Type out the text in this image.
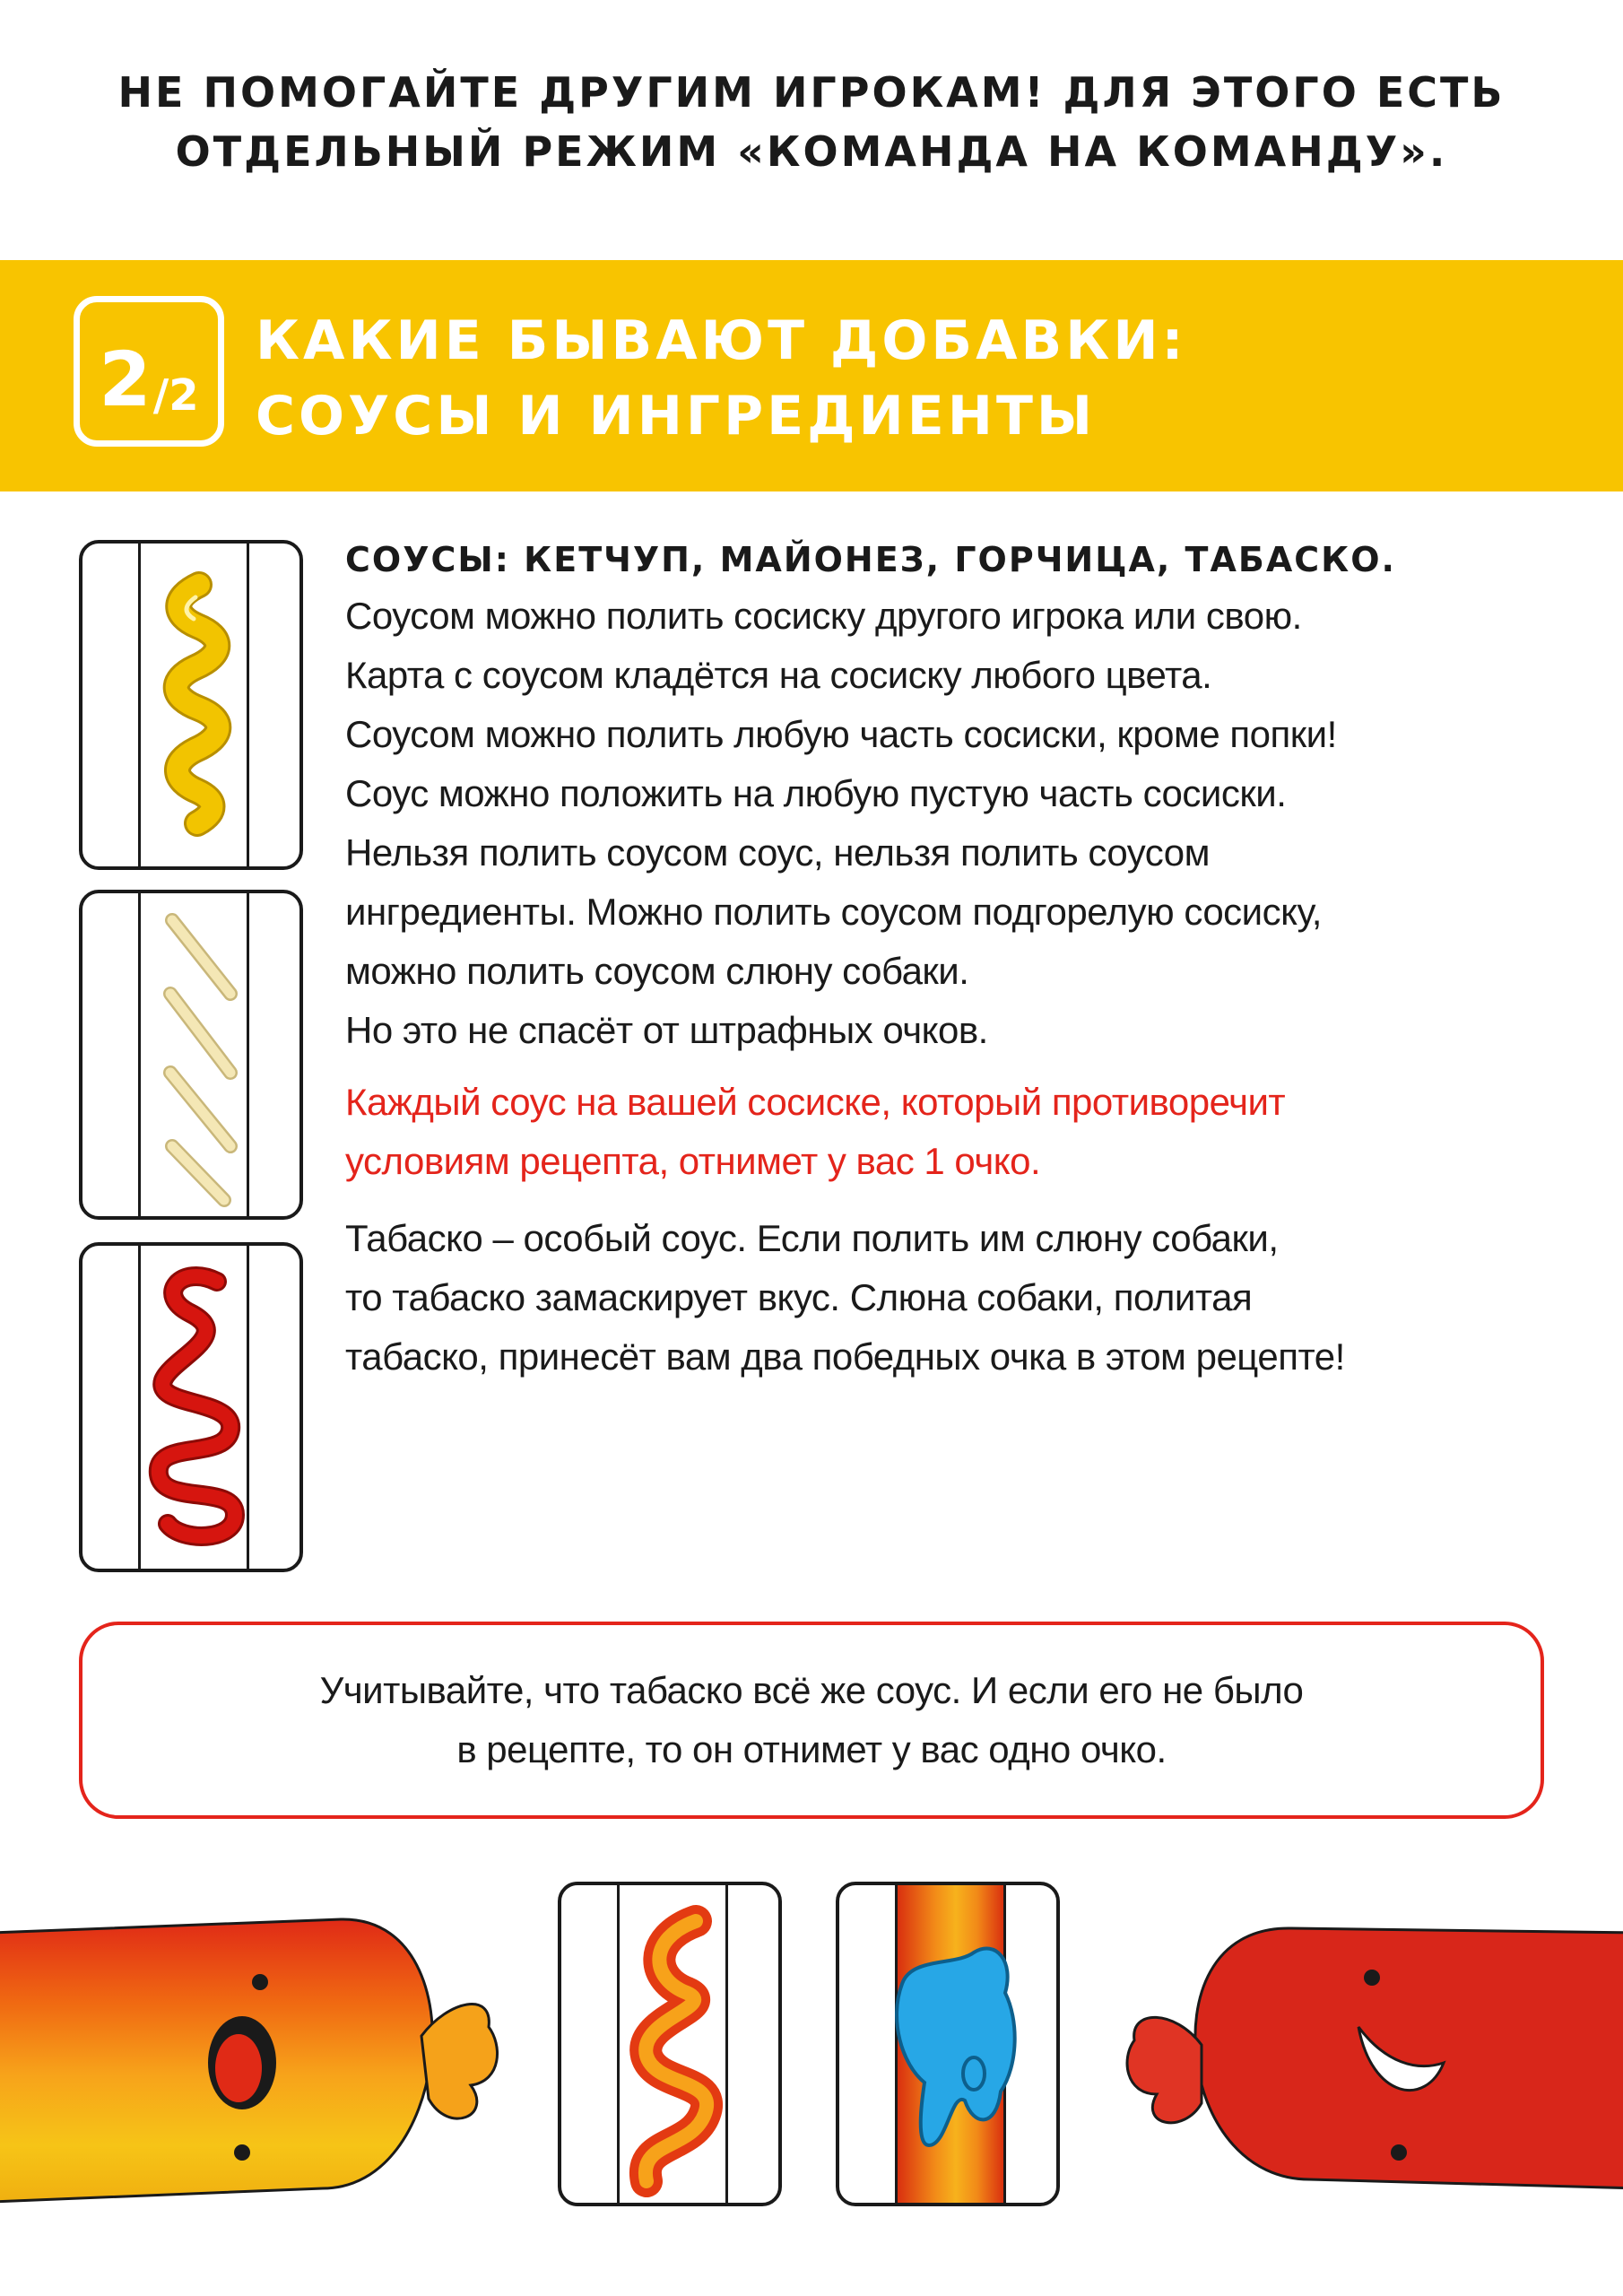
НЕ ПОМОГАЙТЕ ДРУГИМ ИГРОКАМ! ДЛЯ ЭТОГО ЕСТЬ
ОТДЕЛЬНЫЙ РЕЖИМ «КОМАНДА НА КОМАНДУ».
2 /2
КАКИЕ БЫВАЮТ ДОБАВКИ:
СОУСЫ И ИНГРЕДИЕНТЫ
СОУСЫ: КЕТЧУП, МАЙОНЕЗ, ГОРЧИЦА, ТАБАСКО.
Соусом можно полить сосиску другого игрока или свою.
Карта с соусом кладётся на сосиску любого цвета.
Соусом можно полить любую часть сосиски, кроме попки!
Соус можно положить на любую пустую часть сосиски.
Нельзя полить соусом соус, нельзя полить соусом
ингредиенты. Можно полить соусом подгорелую сосиску,
можно полить соусом слюну собаки.
Но это не спасёт от штрафных очков.
Каждый соус на вашей сосиске, который противоречит
условиям рецепта, отнимет у вас 1 очко.
Табаско – особый соус. Если полить им слюну собаки,
то табаско замаскирует вкус. Слюна собаки, политая
табаско, принесёт вам два победных очка в этом рецепте!
Учитывайте, что табаско всё же соус. И если его не было
в рецепте, то он отнимет у вас одно очко.
